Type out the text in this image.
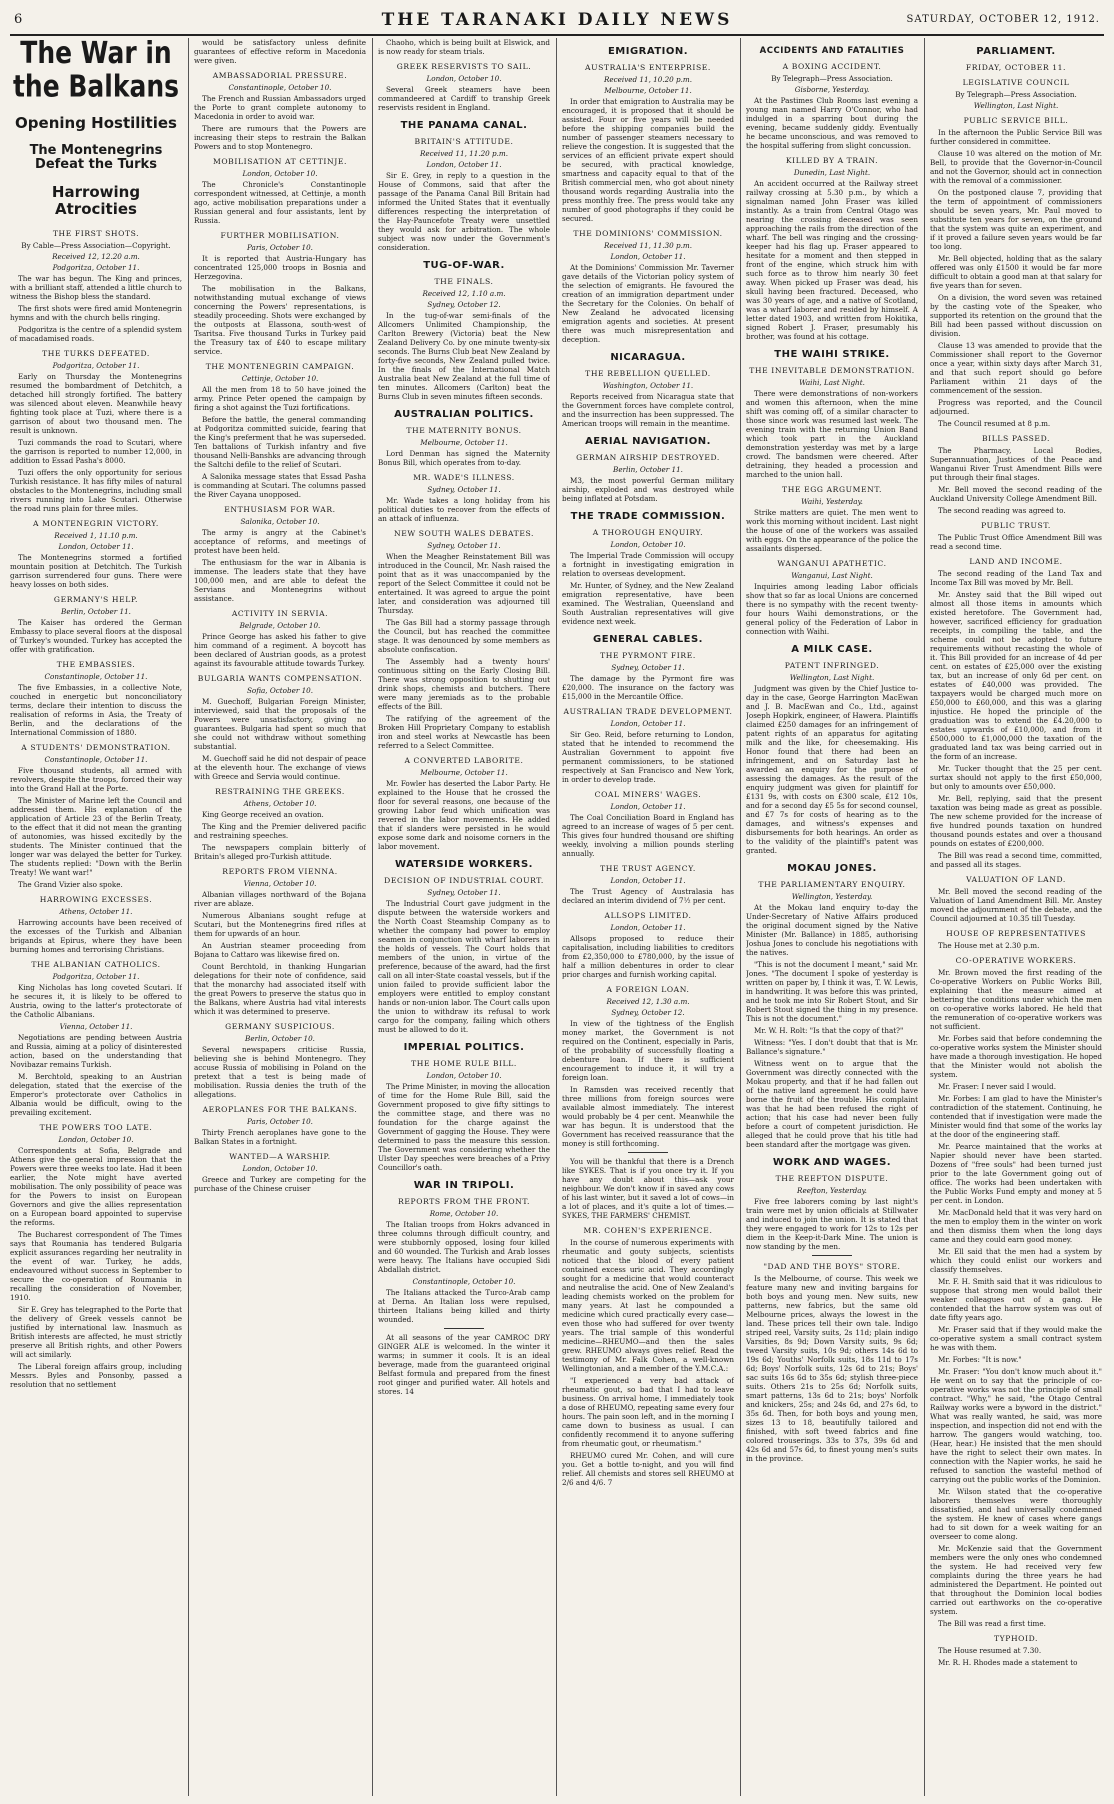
6	THE TARANAKI DAILY NEWS	SATURDAY, OCTOBER 12, 1912.
The War in the Balkans
Opening Hostilities
The Montenegrins Defeat the Turks
Harrowing Atrocities
THE FIRST SHOTS.
By Cable—Press Association—Copyright.
Received 12, 12.20 a.m.
Podgoritza, October 11.

The war has begun. The King and princes, with a brilliant staff, attended a little church to witness the Bishop bless the standard.

The first shots were fired amid Montenegrin hymns and with the church bells ringing.

Podgoritza is the centre of a splendid system of macadamised roads.

THE TURKS DEFEATED.
Podgoritza, October 11.

Early on Thursday the Montenegrins resumed the bombardment of Detchitch, a detached hill strongly fortified. The battery was silenced about eleven. Meanwhile heavy fighting took place at Tuzi, where there is a garrison of about two thousand men. The result is unknown.

Tuzi commands the road to Scutari, where the garrison is reported to number 12,000, in addition to Essad Pasha's 8000.

Tuzi offers the only opportunity for serious Turkish resistance. It has fifty miles of natural obstacles to the Montenegrins, including small rivers running into Lake Scutari. Otherwise the road runs plain for three miles.

A MONTENEGRIN VICTORY.
Received 1, 11.10 p.m.
London, October 11.

The Montenegrins stormed a fortified mountain position at Detchitch. The Turkish garrison surrendered four guns. There were heavy losses on both sides.

GERMANY'S HELP.
Berlin, October 11.

The Kaiser has ordered the German Embassy to place several floors at the disposal of Turkey's wounded. Turkey has accepted the offer with gratification.

THE EMBASSIES.
Constantinople, October 11.

The five Embassies, in a collective Note, couched in energetic but nonconciliatory terms, declare their intention to discuss the realisation of reforms in Asia, the Treaty of Berlin, and the declarations of the International Commission of 1880.

A STUDENTS' DEMONSTRATION.
Constantinople, October 11.

Five thousand students, all armed with revolvers, despite the troops, forced their way into the Grand Hall at the Porte.

The Minister of Marine left the Council and addressed them. His explanation of the application of Article 23 of the Berlin Treaty, to the effect that it did not mean the granting of autonomies, was hissed excitedly by the students. The Minister continued that the longer war was delayed the better for Turkey. The students replied: "Down with the Berlin Treaty! We want war!"

The Grand Vizier also spoke.

HARROWING EXCESSES.
Athens, October 11.

Harrowing accounts have been received of the excesses of the Turkish and Albanian brigands at Epirus, where they have been burning homes and terrorising Christians.

THE ALBANIAN CATHOLICS.
Podgoritza, October 11.

King Nicholas has long coveted Scutari. If he secures it, it is likely to be offered to Austria, owing to the latter's protectorate of the Catholic Albanians.

Vienna, October 11.

Negotiations are pending between Austria and Russia, aiming at a policy of disinterested action, based on the understanding that Novibazar remains Turkish.

M. Berchtold, speaking to an Austrian delegation, stated that the exercise of the Emperor's protectorate over Catholics in Albania would be difficult, owing to the prevailing excitement.

THE POWERS TOO LATE.
London, October 10.

Correspondents at Sofia, Belgrade and Athens give the general impression that the Powers were three weeks too late. Had it been earlier, the Note might have averted mobilisation. The only possibility of peace was for the Powers to insist on European Governors and give the allies representation on a European board appointed to supervise the reforms.

The Bucharest correspondent of The Times says that Roumania has tendered Bulgaria explicit assurances regarding her neutrality in the event of war. Turkey, he adds, endeavoured without success in September to secure the co-operation of Roumania in recalling the consideration of November, 1910.

Sir E. Grey has telegraphed to the Porte that the delivery of Greek vessels cannot be justified by international law. Inasmuch as British interests are affected, he must strictly preserve all British rights, and other Powers will act similarly.

The Liberal foreign affairs group, including Messrs. Byles and Ponsonby, passed a resolution that no settlement

would be satisfactory unless definite guarantees of effective reform in Macedonia were given.

AMBASSADORIAL PRESSURE.
Constantinople, October 10.

The French and Russian Ambassadors urged the Porte to grant complete autonomy to Macedonia in order to avoid war.

There are rumours that the Powers are increasing their steps to restrain the Balkan Powers and to stop Montenegro.

MOBILISATION AT CETTINJE.
London, October 10.

The Chronicle's Constantinople correspondent witnessed, at Cettinje, a month ago, active mobilisation preparations under a Russian general and four assistants, lent by Russia.

FURTHER MOBILISATION.
Paris, October 10.

It is reported that Austria-Hungary has concentrated 125,000 troops in Bosnia and Herzegovina.

The mobilisation in the Balkans, notwithstanding mutual exchange of views concerning the Powers' representations, is steadily proceeding. Shots were exchanged by the outposts at Elassona, south-west of Tsaritsa. Five thousand Turks in Turkey paid the Treasury tax of £40 to escape military service.

THE MONTENEGRIN CAMPAIGN.
Cettinje, October 10.

All the men from 18 to 50 have joined the army. Prince Peter opened the campaign by firing a shot against the Tuzi fortifications.

Before the battle, the general commanding at Podgoritza committed suicide, fearing that the King's preferment that he was superseded. Ten battalions of Turkish infantry and five thousand Nelli-Banshks are advancing through the Saltchi defile to the relief of Scutari.

A Salonika message states that Essad Pasha is commanding at Scutari. The columns passed the River Cayana unopposed.

ENTHUSIASM FOR WAR.
Salonika, October 10.

The army is angry at the Cabinet's acceptance of reforms, and meetings of protest have been held.

The enthusiasm for the war in Albania is immense. The leaders state that they have 100,000 men, and are able to defeat the Servians and Montenegrins without assistance.

ACTIVITY IN SERVIA.
Belgrade, October 10.

Prince George has asked his father to give him command of a regiment. A boycott has been declared of Austrian goods, as a protest against its favourable attitude towards Turkey.

BULGARIA WANTS COMPENSATION.
Sofia, October 10.

M. Guechoff, Bulgarian Foreign Minister, interviewed, said that the proposals of the Powers were unsatisfactory, giving no guarantees. Bulgaria had spent so much that she could not withdraw without something substantial.

M. Guechoff said he did not despair of peace at the eleventh hour. The exchange of views with Greece and Servia would continue.

RESTRAINING THE GREEKS.
Athens, October 10.

King George received an ovation.

The King and the Premier delivered pacific and restraining speeches.

The newspapers complain bitterly of Britain's alleged pro-Turkish attitude.

REPORTS FROM VIENNA.
Vienna, October 10.

Albanian villages northward of the Bojana river are ablaze.

Numerous Albanians sought refuge at Scutari, but the Montenegrins fired rifles at them for upwards of an hour.

An Austrian steamer proceeding from Bojana to Cattaro was likewise fired on.

Count Berchtold, in thanking Hungarian delegations for their note of confidence, said that the monarchy had associated itself with the great Powers to preserve the status quo in the Balkans, where Austria had vital interests which it was determined to preserve.

GERMANY SUSPICIOUS.
Berlin, October 10.

Several newspapers criticise Russia, believing she is behind Montenegro. They accuse Russia of mobilising in Poland on the pretext that a test is being made of mobilisation. Russia denies the truth of the allegations.

AEROPLANES FOR THE BALKANS.
Paris, October 10.

Thirty French aeroplanes have gone to the Balkan States in a fortnight.

WANTED—A WARSHIP.
London, October 10.

Greece and Turkey are competing for the purchase of the Chinese cruiser

Chaoho, which is being built at Elswick, and is now ready for steam trials.

GREEK RESERVISTS TO SAIL.
London, October 10.

Several Greek steamers have been commandeered at Cardiff to tranship Greek reservists resident in England.

THE PANAMA CANAL.
BRITAIN'S ATTITUDE.
Received 11, 11.20 p.m.
London, October 11.

Sir E. Grey, in reply to a question in the House of Commons, said that after the passage of the Panama Canal Bill Britain had informed the United States that it eventually differences respecting the interpretation of the Hay-Pauncefote Treaty were unsettled they would ask for arbitration. The whole subject was now under the Government's consideration.

TUG-OF-WAR.
THE FINALS.
Received 12, 1.10 a.m.
Sydney, October 12.

In the tug-of-war semi-finals of the Allcomers Unlimited Championship, the Carlton Brewery (Victoria) beat the New Zealand Delivery Co. by one minute twenty-six seconds. The Burns Club beat New Zealand by forty-five seconds, New Zealand pulled twice. In the finals of the International Match Australia beat New Zealand at the full time of ten minutes. Allcomers (Carlton) beat the Burns Club in seven minutes fifteen seconds.

AUSTRALIAN POLITICS.
THE MATERNITY BONUS.
Melbourne, October 11.

Lord Denman has signed the Maternity Bonus Bill, which operates from to-day.

MR. WADE'S ILLNESS.
Sydney, October 11.

Mr. Wade takes a long holiday from his political duties to recover from the effects of an attack of influenza.

NEW SOUTH WALES DEBATES.
Sydney, October 11.

When the Meagher Reinstatement Bill was introduced in the Council, Mr. Nash raised the point that as it was unaccompanied by the report of the Select Committee it could not be entertained. It was agreed to argue the point later, and consideration was adjourned till Thursday.

The Gas Bill had a stormy passage through the Council, but has reached the committee stage. It was denounced by some members as absolute confiscation.

The Assembly had a twenty hours' continuous sitting on the Early Closing Bill. There was strong opposition to shutting out drink shops, chemists and butchers. There were many jeremiads as to the probable effects of the Bill.

The ratifying of the agreement of the Broken Hill Proprietary Company to establish iron and steel works at Newcastle has been referred to a Select Committee.

A CONVERTED LABORITE.
Melbourne, October 11.

Mr. Fowler has deserted the Labor Party. He explained to the House that he crossed the floor for several reasons, one because of the growing Labor feud which unification was revered in the labor movements. He added that if slanders were persisted in he would expose some dark and noisome corners in the labor movement.

WATERSIDE WORKERS.
DECISION OF INDUSTRIAL COURT.
Sydney, October 11.

The Industrial Court gave judgment in the dispute between the waterside workers and the North Coast Steamship Company as to whether the company had power to employ seamen in conjunction with wharf laborers in the holds of vessels. The Court holds that members of the union, in virtue of the preference, because of the award, had the first call on all inter-State coastal vessels, but if the union failed to provide sufficient labor the employers were entitled to employ constant hands or non-union labor. The Court calls upon the union to withdraw its refusal to work cargo for the company, failing which others must be allowed to do it.

IMPERIAL POLITICS.
THE HOME RULE BILL.
London, October 10.

The Prime Minister, in moving the allocation of time for the Home Rule Bill, said the Government proposed to give fifty sittings to the committee stage, and there was no foundation for the charge against the Government of gagging the House. They were determined to pass the measure this session. The Government was considering whether the Ulster Day speeches were breaches of a Privy Councillor's oath.

WAR IN TRIPOLI.
REPORTS FROM THE FRONT.
Rome, October 10.

The Italian troops from Hokrs advanced in three columns through difficult country, and were stubbornly opposed, losing four killed and 60 wounded. The Turkish and Arab losses were heavy. The Italians have occupied Sidi Abdallah district.

Constantinople, October 10.

The Italians attacked the Turco-Arab camp at Derna. An Italian loss were repulsed, thirteen Italians being killed and thirty wounded.

At all seasons of the year CAMROC DRY GINGER ALE is welcomed. In the winter it warms; in summer it cools. It is an ideal beverage, made from the guaranteed original Belfast formula and prepared from the finest root ginger and purified water. All hotels and stores. 14

EMIGRATION.
AUSTRALIA'S ENTERPRISE.
Received 11, 10.20 p.m.
Melbourne, October 11.

In order that emigration to Australia may be encouraged, it is proposed that it should be assisted. Four or five years will be needed before the shipping companies build the number of passenger steamers necessary to relieve the congestion. It is suggested that the services of an efficient private expert should be secured, with practical knowledge, smartness and capacity equal to that of the British commercial men, who got about ninety thousand words regarding Australia into the press monthly free. The press would take any number of good photographs if they could be secured.

THE DOMINIONS' COMMISSION.
Received 11, 11.30 p.m.
London, October 11.

At the Dominions' Commission Mr. Taverner gave details of the Victorian policy system of the selection of emigrants. He favoured the creation of an immigration department under the Secretary for the Colonies. On behalf of New Zealand he advocated licensing emigration agents and societies. At present there was much misrepresentation and deception.

NICARAGUA.
THE REBELLION QUELLED.
Washington, October 11.

Reports received from Nicaragua state that the Government forces have complete control, and the insurrection has been suppressed. The American troops will remain in the meantime.

AERIAL NAVIGATION.
GERMAN AIRSHIP DESTROYED.
Berlin, October 11.

M3, the most powerful German military airship, exploded and was destroyed while being inflated at Potsdam.

THE TRADE COMMISSION.
A THOROUGH ENQUIRY.
London, October 10.

The Imperial Trade Commission will occupy a fortnight in investigating emigration in relation to overseas development.

Mr. Hunter, of Sydney, and the New Zealand emigration representative, have been examined. The Westralian, Queensland and South Australian representatives will give evidence next week.

GENERAL CABLES.
THE PYRMONT FIRE.
Sydney, October 11.

The damage by the Pyrmont fire was £20,000. The insurance on the factory was £15,000 in the Mercantile Office.

AUSTRALIAN TRADE DEVELOPMENT.
London, October 11.

Sir Geo. Reid, before returning to London, stated that he intended to recommend the Australian Government to appoint five permanent commissioners, to be stationed respectively at San Francisco and New York, in order to develop trade.

COAL MINERS' WAGES.
London, October 11.

The Coal Conciliation Board in England has agreed to an increase of wages of 5 per cent. This gives four hundred thousand ore shifting weekly, involving a million pounds sterling annually.

THE TRUST AGENCY.
London, October 11.

The Trust Agency of Australasia has declared an interim dividend of 7½ per cent.

ALLSOPS LIMITED.
London, October 11.

Allsops proposed to reduce their capitalisation, including liabilities to creditors from £2,350,000 to £780,000, by the issue of half a million debentures in order to clear prior charges and furnish working capital.

A FOREIGN LOAN.
Received 12, 1.30 a.m.
Sydney, October 12.

In view of the tightness of the English money market, the Government is not required on the Continent, especially in Paris, of the probability of successfully floating a debenture loan. If there is sufficient encouragement to induce it, it will try a foreign loan.

In Ramsden was received recently that three millions from foreign sources were available almost immediately. The interest would probably be 4 per cent. Meanwhile the war has begun. It is understood that the Government has received reassurance that the money is still forthcoming.

You will be thankful that there is a Drench like SYKES. That is if you once try it. If you have any doubt about this—ask your neighbour. We don't know if in saved any cows of his last winter, but it saved a lot of cows—in a lot of places, and it's quite a lot of times.—SYKES, THE FARMERS' CHEMIST.

MR. COHEN'S EXPERIENCE.

In the course of numerous experiments with rheumatic and gouty subjects, scientists noticed that the blood of every patient contained excess uric acid. They accordingly sought for a medicine that would counteract and neutralise the acid. One of New Zealand's leading chemists worked on the problem for many years. At last he compounded a medicine which cured practically every case—even those who had suffered for over twenty years. The trial sample of this wonderful medicine—RHEUMO—and then the sales grew. RHEUMO always gives relief. Read the testimony of Mr. Falk Cohen, a well-known Wellingtonian, and a member of the Y.M.C.A.:

"I experienced a very bad attack of rheumatic gout, so bad that I had to leave business. On arrival home, I immediately took a dose of RHEUMO, repeating same every four hours. The pain soon left, and in the morning I came down to business as usual. I can confidently recommend it to anyone suffering from rheumatic gout, or rheumatism."

RHEUMO cured Mr. Cohen, and will cure you. Get a bottle to-night, and you will find relief. All chemists and stores sell RHEUMO at 2/6 and 4/6. 7

ACCIDENTS AND FATALITIES
A BOXING ACCIDENT.
By Telegraph—Press Association.
Gisborne, Yesterday.

At the Pastimes Club Rooms last evening a young man named Harry O'Connor, who had indulged in a sparring bout during the evening, became suddenly giddy. Eventually he became unconscious, and was removed to the hospital suffering from slight concussion.

KILLED BY A TRAIN.
Dunedin, Last Night.

An accident occurred at the Railway street railway crossing at 5.30 p.m., by which a signalman named John Fraser was killed instantly. As a train from Central Otago was nearing the crossing deceased was seen approaching the rails from the direction of the wharf. The bell was ringing and the crossing-keeper had his flag up. Fraser appeared to hesitate for a moment and then stepped in front of the engine, which struck him with such force as to throw him nearly 30 feet away. When picked up Fraser was dead, his skull having been fractured. Deceased, who was 30 years of age, and a native of Scotland, was a wharf laborer and resided by himself. A letter dated 1903, and written from Hokitika, signed Robert J. Fraser, presumably his brother, was found at his cottage.

THE WAIHI STRIKE.
THE INEVITABLE DEMONSTRATION.
Waihi, Last Night.

There were demonstrations of non-workers and women this afternoon, when the mine shift was coming off, of a similar character to those since work was resumed last week. The evening train with the returning Union Band which took part in the Auckland demonstration yesterday was met by a large crowd. The bandsmen were cheered. After detraining, they headed a procession and marched to the union hall.

THE EGG ARGUMENT.
Waihi, Yesterday.

Strike matters are quiet. The men went to work this morning without incident. Last night the house of one of the workers was assailed with eggs. On the appearance of the police the assailants dispersed.

WANGANUI APATHETIC.
Wanganui, Last Night.

Inquiries among leading Labor officials show that so far as local Unions are concerned there is no sympathy with the recent twenty-four hours Waihi demonstrations, or the general policy of the Federation of Labor in connection with Waihi.

A MILK CASE.
PATENT INFRINGED.
Wellington, Last Night.

Judgment was given by the Chief Justice to-day in the case, George Harrington MacEwan and J. B. MacEwan and Co., Ltd., against Joseph Hopkirk, engineer, of Hawera. Plaintiffs claimed £250 damages for an infringement of patent rights of an apparatus for agitating milk and the like, for cheesemaking. His Honor found that there had been an infringement, and on Saturday last he awarded an enquiry for the purpose of assessing the damages. As the result of the enquiry judgment was given for plaintiff for £131 9s, with costs on £300 scale, £12 10s, and for a second day £5 5s for second counsel, and £7 7s for costs of hearing as to the damages, and witness's expenses and disbursements for both hearings. An order as to the validity of the plaintiff's patent was granted.

MOKAU JONES.
THE PARLIAMENTARY ENQUIRY.
Wellington, Yesterday.

At the Mokau land enquiry to-day the Under-Secretary of Native Affairs produced the original document signed by the Native Minister (Mr. Ballance) in 1885, authorising Joshua Jones to conclude his negotiations with the natives.

"This is not the document I meant," said Mr. Jones. "The document I spoke of yesterday is written on paper by, I think it was, T. W. Lewis, in handwriting. It was before this was printed, and he took me into Sir Robert Stout, and Sir Robert Stout signed the thing in my presence. This is not the document."

Mr. W. H. Rolt: "Is that the copy of that?"

Witness: "Yes. I don't doubt that that is Mr. Ballance's signature."

Witness went on to argue that the Government was directly connected with the Mokau property, and that if he had fallen out of the native land agreement he could have borne the fruit of the trouble. His complaint was that he had been refused the right of action; that his case had never been fully before a court of competent jurisdiction. He alleged that he could prove that his title had been standard after the mortgage was given.

WORK AND WAGES.
THE REEFTON DISPUTE.
Reefton, Yesterday.

Five free laborers coming by last night's train were met by union officials at Stillwater and induced to join the union. It is stated that they were engaged to work for 12s to 12s per diem in the Keep-it-Dark Mine. The union is now standing by the men.

"DAD AND THE BOYS" STORE.

Is the Melbourne, of course. This week we feature many new and inviting bargains for both boys and young men. New suits, new patterns, new fabrics, but the same old Melbourne prices, always the lowest in the land. These prices tell their own tale. Indigo striped reel, Varsity suits, 2s 11d; plain indigo Varsities, 8s 9d; Down Varsity suits, 9s 6d; tweed Varsity suits, 10s 9d; others 14s 6d to 19s 6d; Youths' Norfolk suits, 18s 11d to 17s 6d; Boys' Norfolk suits, 12s 6d to 21s; Boys' sac suits 16s 6d to 35s 6d; stylish three-piece suits. Others 21s to 25s 6d; Norfolk suits, smart patterns, 13s 6d to 21s; boys' Norfolk and knickers, 25s; and 24s 6d, and 27s 6d, to 35s 6d. Then, for both boys and young men, sizes 13 to 18, beautifully tailored and finished, with soft tweed fabrics and fine colored trouserings. 33s to 37s, 39s 6d and 42s 6d and 57s 6d, to finest young men's suits in the province.

PARLIAMENT.
FRIDAY, OCTOBER 11.
LEGISLATIVE COUNCIL
By Telegraph—Press Association.
Wellington, Last Night.
PUBLIC SERVICE BILL.

In the afternoon the Public Service Bill was further considered in committee.

Clause 10 was altered on the motion of Mr. Bell, to provide that the Governor-in-Council and not the Governor, should act in connection with the removal of a commissioner.

On the postponed clause 7, providing that the term of appointment of commissioners should be seven years, Mr. Paul moved to substitute ten years for seven, on the ground that the system was quite an experiment, and if it proved a failure seven years would be far too long.

Mr. Bell objected, holding that as the salary offered was only £1500 it would be far more difficult to obtain a good man at that salary for five years than for seven.

On a division, the word seven was retained by the casting vote of the Speaker, who supported its retention on the ground that the Bill had been passed without discussion on division.

Clause 13 was amended to provide that the Commissioner shall report to the Governor once a year, within sixty days after March 31, and that such report should go before Parliament within 21 days of the commencement of the session.

Progress was reported, and the Council adjourned.

The Council resumed at 8 p.m.

BILLS PASSED.

The Pharmacy, Local Bodies, Superannuation, Justices of the Peace and Wanganui River Trust Amendment Bills were put through their final stages.

Mr. Bell moved the second reading of the Auckland University College Amendment Bill.

The second reading was agreed to.

PUBLIC TRUST.

The Public Trust Office Amendment Bill was read a second time.

LAND AND INCOME.

The second reading of the Land Tax and Income Tax Bill was moved by Mr. Bell.

Mr. Anstey said that the Bill wiped out almost all those items in amounts which existed heretofore. The Government had, however, sacrificed efficiency for graduation receipts, in compiling the table, and the scheme could not be adopted to future requirements without recasting the whole of it. This Bill provided for an increase of 4d per cent. on estates of £25,000 over the existing tax, but an increase of only 6d per cent. on estates of £40,000 was provided. The taxpayers would be charged much more on £50,000 to £60,000, and this was a glaring injustice. He hoped the principle of the graduation was to extend the £4.20,000 to estates upwards of £10,000, and from it £500,000 to £1,000,000 the taxation of the graduated land tax was being carried out in the form of an increase.

Mr. Tucker thought that the 25 per cent. surtax should not apply to the first £50,000, but only to amounts over £50,000.

Mr. Bell, replying, said that the present taxation was being made as great as possible. The new scheme provided for the increase of five hundred pounds taxation on hundred thousand pounds estates and over a thousand pounds on estates of £200,000.

The Bill was read a second time, committed, and passed all its stages.

VALUATION OF LAND.

Mr. Bell moved the second reading of the Valuation of Land Amendment Bill. Mr. Anstey moved the adjournment of the debate, and the Council adjourned at 10.35 till Tuesday.

HOUSE OF REPRESENTATIVES

The House met at 2.30 p.m.

CO-OPERATIVE WORKERS.

Mr. Brown moved the first reading of the Co-operative Workers on Public Works Bill, explaining that the measure aimed at bettering the conditions under which the men on co-operative works labored. He held that the remuneration of co-operative workers was not sufficient.

Mr. Forbes said that before condemning the co-operative works system the Minister should have made a thorough investigation. He hoped that the Minister would not abolish the system.

Mr. Fraser: I never said I would.

Mr. Forbes: I am glad to have the Minister's contradiction of the statement. Continuing, he contended that if investigation were made the Minister would find that some of the works lay at the door of the engineering staff.

Mr. Pearce maintained that the works at Napier should never have been started. Dozens of "free souls" had been turned just prior to the late Government going out of office. The works had been undertaken with the Public Works Fund empty and money at 5 per cent. in London.

Mr. MacDonald held that it was very hard on the men to employ them in the winter on work and then dismiss them when the long days came and they could earn good money.

Mr. Ell said that the men had a system by which they could enlist our workers and classify themselves.

Mr. F. H. Smith said that it was ridiculous to suppose that strong men would ballot their weaker colleagues out of a gang. He contended that the harrow system was out of date fifty years ago.

Mr. Fraser said that if they would make the co-operative system a small contract system he was with them.

Mr. Forbes: "It is now."

Mr. Fraser: "You don't know much about it." He went on to say that the principle of co-operative works was not the principle of small contract. "Why," he said, "the Otago Central Railway works were a byword in the district." What was really wanted, he said, was more inspection, and inspection did not end with the harrow. The gangers would watching, too. (Hear, hear.) He insisted that the men should have the right to select their own mates. In connection with the Napier works, he said he refused to sanction the wasteful method of carrying out the public works of the Dominion.

Mr. Wilson stated that the co-operative laborers themselves were thoroughly dissatisfied, and had universally condemned the system. He knew of cases where gangs had to sit down for a week waiting for an overseer to come along.

Mr. McKenzie said that the Government members were the only ones who condemned the system. He had received very few complaints during the three years he had administered the Department. He pointed out that throughout the Dominion local bodies carried out earthworks on the co-operative system.

The Bill was read a first time.

TYPHOID.

The House resumed at 7.30.

Mr. R. H. Rhodes made a statement to
